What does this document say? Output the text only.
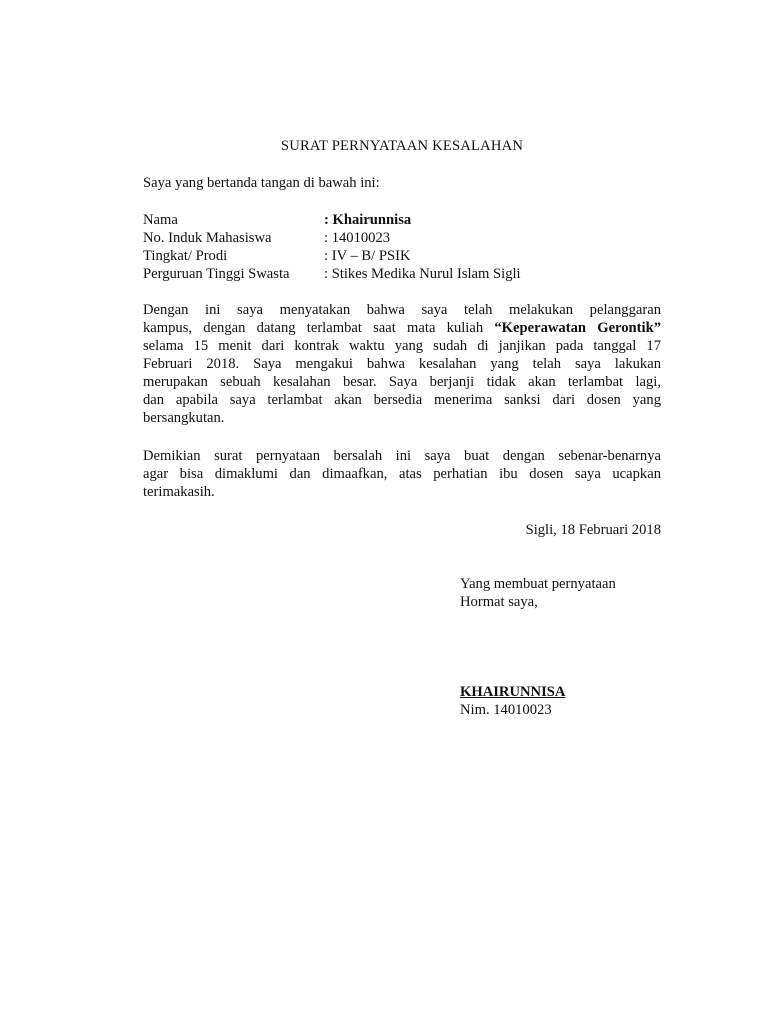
SURAT PERNYATAAN KESALAHAN
Saya yang bertanda tangan di bawah ini:
Nama	: Khairunnisa
No. Induk Mahasiswa	: 14010023
Tingkat/ Prodi	: IV – B/ PSIK
Perguruan Tinggi Swasta	: Stikes Medika Nurul Islam Sigli
Dengan ini saya menyatakan bahwa saya telah melakukan pelanggaran
kampus, dengan datang terlambat saat mata kuliah “Keperawatan Gerontik”
selama 15 menit dari kontrak waktu yang sudah di janjikan pada tanggal 17
Februari 2018. Saya mengakui bahwa kesalahan yang telah saya lakukan
merupakan sebuah kesalahan besar. Saya berjanji tidak akan terlambat lagi,
dan apabila saya terlambat akan bersedia menerima sanksi dari dosen yang
bersangkutan.
Demikian surat pernyataan bersalah ini saya buat dengan sebenar-benarnya
agar bisa dimaklumi dan dimaafkan, atas perhatian ibu dosen saya ucapkan
terimakasih.
Sigli, 18 Februari 2018
Yang membuat pernyataan
Hormat saya,
KHAIRUNNISA
Nim. 14010023
